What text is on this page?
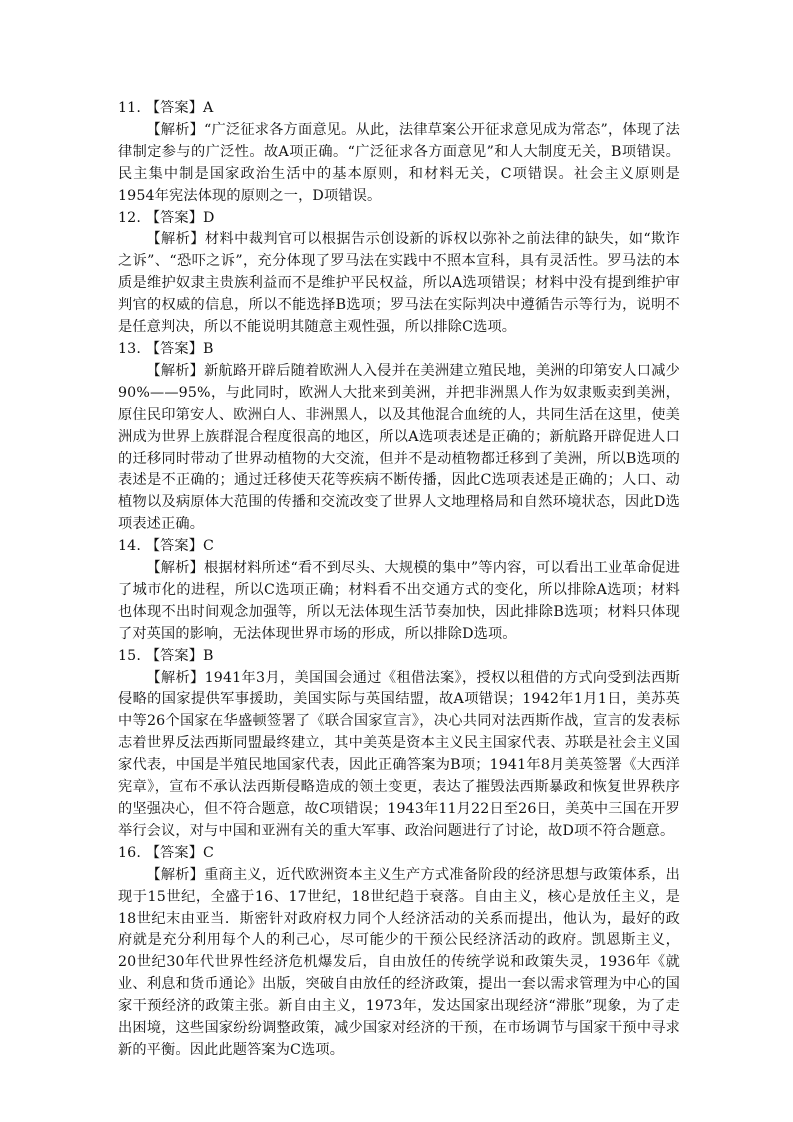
11. 【答案】A

【解析】“广泛征求各方面意见。从此，法律草案公开征求意见成为常态”，体现了法律制定参与的广泛性。故A项正确。“广泛征求各方面意见”和人大制度无关，B项错误。民主集中制是国家政治生活中的基本原则，和材料无关，C项错误。社会主义原则是1954年宪法体现的原则之一，D项错误。

12. 【答案】D

【解析】材料中裁判官可以根据告示创设新的诉权以弥补之前法律的缺失，如“欺诈之诉”、“恐吓之诉”，充分体现了罗马法在实践中不照本宣科，具有灵活性。罗马法的本质是维护奴隶主贵族利益而不是维护平民权益，所以A选项错误；材料中没有提到维护审判官的权威的信息，所以不能选择B选项；罗马法在实际判决中遵循告示等行为，说明不是任意判决，所以不能说明其随意主观性强，所以排除C选项。

13. 【答案】B

【解析】新航路开辟后随着欧洲人入侵并在美洲建立殖民地，美洲的印第安人口减少90%——95%，与此同时，欧洲人大批来到美洲，并把非洲黑人作为奴隶贩卖到美洲，原住民印第安人、欧洲白人、非洲黑人，以及其他混合血统的人，共同生活在这里，使美洲成为世界上族群混合程度很高的地区，所以A选项表述是正确的；新航路开辟促进人口的迁移同时带动了世界动植物的大交流，但并不是动植物都迁移到了美洲，所以B选项的表述是不正确的；通过迁移使天花等疾病不断传播，因此C选项表述是正确的；人口、动植物以及病原体大范围的传播和交流改变了世界人文地理格局和自然环境状态，因此D选项表述正确。

14. 【答案】C

【解析】根据材料所述“看不到尽头、大规模的集中”等内容，可以看出工业革命促进了城市化的进程，所以C选项正确；材料看不出交通方式的变化，所以排除A选项；材料也体现不出时间观念加强等，所以无法体现生活节奏加快，因此排除B选项；材料只体现了对英国的影响，无法体现世界市场的形成，所以排除D选项。

15. 【答案】B

【解析】1941年3月，美国国会通过《租借法案》，授权以租借的方式向受到法西斯侵略的国家提供军事援助，美国实际与英国结盟，故A项错误；1942年1月1日，美苏英中等26个国家在华盛顿签署了《联合国家宣言》，决心共同对法西斯作战，宣言的发表标志着世界反法西斯同盟最终建立，其中美英是资本主义民主国家代表、苏联是社会主义国家代表，中国是半殖民地国家代表，因此正确答案为B项；1941年8月美英签署《大西洋宪章》，宣布不承认法西斯侵略造成的领土变更，表达了摧毁法西斯暴政和恢复世界秩序的坚强决心，但不符合题意，故C项错误；1943年11月22日至26日，美英中三国在开罗举行会议，对与中国和亚洲有关的重大军事、政治问题进行了讨论，故D项不符合题意。

16. 【答案】C

【解析】重商主义，近代欧洲资本主义生产方式准备阶段的经济思想与政策体系，出现于15世纪，全盛于16、17世纪，18世纪趋于衰落。自由主义，核心是放任主义，是18世纪末由亚当．斯密针对政府权力同个人经济活动的关系而提出，他认为，最好的政府就是充分利用每个人的利己心，尽可能少的干预公民经济活动的政府。凯恩斯主义，20世纪30年代世界性经济危机爆发后，自由放任的传统学说和政策失灵，1936年《就业、利息和货币通论》出版，突破自由放任的经济政策，提出一套以需求管理为中心的国家干预经济的政策主张。新自由主义，1973年，发达国家出现经济“滞胀”现象，为了走出困境，这些国家纷纷调整政策，减少国家对经济的干预，在市场调节与国家干预中寻求新的平衡。因此此题答案为C选项。
